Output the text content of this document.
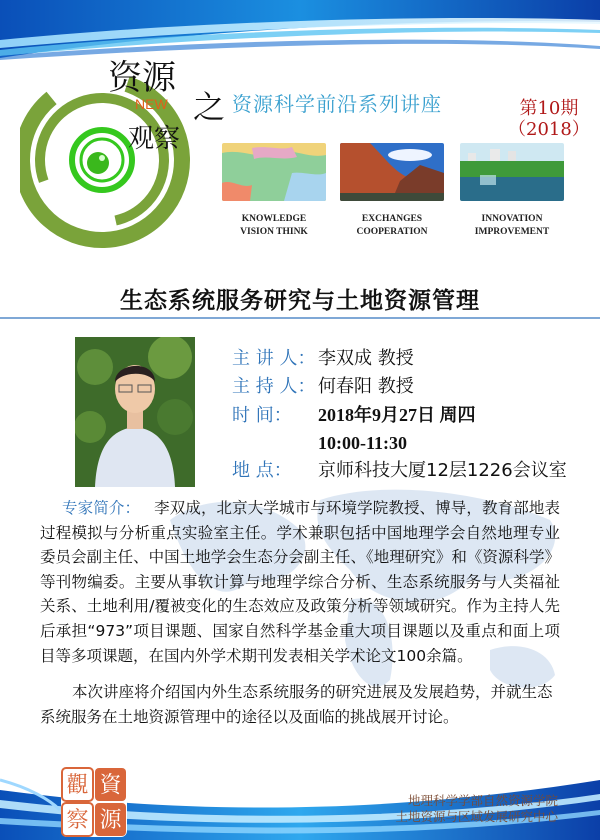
资源
NEW
观察
之 资源科学前沿系列讲座	第10期
（2018）
KNOWLEDGE
VISION THINK
EXCHANGES
COOPERATION
INNOVATION
IMPROVEMENT
生态系统服务研究与土地资源管理
主 讲 人： 李双成 教授
主 持 人： 何春阳 教授
时 间： 2018年9月27日 周四
10:00-11:30
地 点： 京师科技大厦12层1226会议室
专家简介： 李双成，北京大学城市与环境学院教授、博导，教育部地表过程模拟与分析重点实验室主任。学术兼职包括中国地理学会自然地理专业委员会副主任、中国土地学会生态分会副主任、《地理研究》和《资源科学》等刊物编委。主要从事软计算与地理学综合分析、生态系统服务与人类福祉关系、土地利用/覆被变化的生态效应及政策分析等领域研究。作为主持人先后承担“973”项目课题、国家自然科学基金重大项目课题以及重点和面上项目等多项课题，在国内外学术期刊发表相关学术论文100余篇。
本次讲座将介绍国内外生态系统服务的研究进展及发展趋势，并就生态系统服务在土地资源管理中的途径以及面临的挑战展开讨论。
資
觀
源
察
地理科学学部自然资源学院
土地资源与区域发展研究中心
